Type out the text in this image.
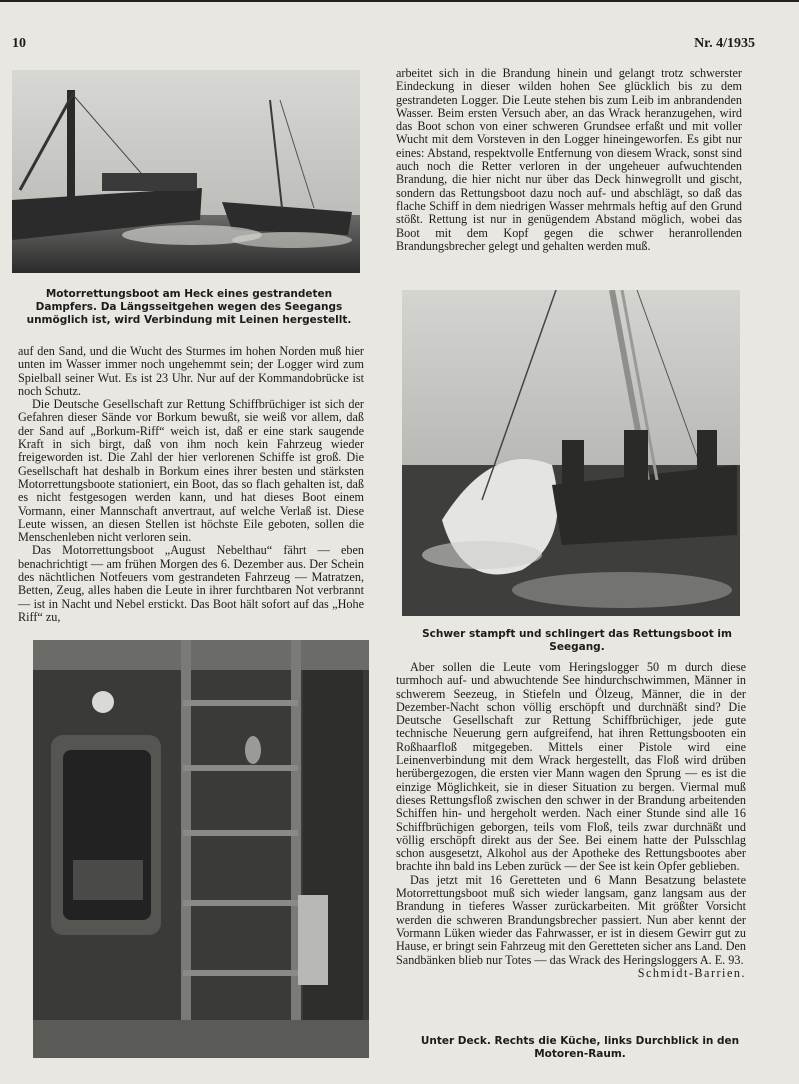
10	Nr. 4/1935
Motorrettungsboot am Heck eines gestrandeten Dampfers. Da Längsseitgehen wegen des Seegangs unmöglich ist, wird Verbindung mit Leinen hergestellt.

auf den Sand, und die Wucht des Sturmes im hohen Norden muß hier unten im Wasser immer noch ungehemmt sein; der Logger wird zum Spielball seiner Wut. Es ist 23 Uhr. Nur auf der Kommandobrücke ist noch Schutz.

Die Deutsche Gesellschaft zur Rettung Schiffbrüchiger ist sich der Gefahren dieser Sände vor Borkum bewußt, sie weiß vor allem, daß der Sand auf „Borkum-Riff“ weich ist, daß er eine stark saugende Kraft in sich birgt, daß von ihm noch kein Fahrzeug wieder freigeworden ist. Die Zahl der hier verlorenen Schiffe ist groß. Die Gesellschaft hat deshalb in Borkum eines ihrer besten und stärksten Motorrettungsboote stationiert, ein Boot, das so flach gehalten ist, daß es nicht festgesogen werden kann, und hat dieses Boot einem Vormann, einer Mannschaft anvertraut, auf welche Verlaß ist. Diese Leute wissen, an diesen Stellen ist höchste Eile geboten, sollen die Menschenleben nicht verloren sein.

Das Motorrettungsboot „August Nebelthau“ fährt — eben benachrichtigt — am frühen Morgen des 6. Dezember aus. Der Schein des nächtlichen Notfeuers vom gestrandeten Fahrzeug — Matratzen, Betten, Zeug, alles haben die Leute in ihrer furchtbaren Not verbrannt — ist in Nacht und Nebel erstickt. Das Boot hält sofort auf das „Hohe Riff“ zu,

arbeitet sich in die Brandung hinein und gelangt trotz schwerster Eindeckung in dieser wilden hohen See glücklich bis zu dem gestrandeten Logger. Die Leute stehen bis zum Leib im anbrandenden Wasser. Beim ersten Versuch aber, an das Wrack heranzugehen, wird das Boot schon von einer schweren Grundsee erfaßt und mit voller Wucht mit dem Vorsteven in den Logger hineingeworfen. Es gibt nur eines: Abstand, respektvolle Entfernung von diesem Wrack, sonst sind auch noch die Retter verloren in der ungeheuer aufwuchtenden Brandung, die hier nicht nur über das Deck hinwegrollt und gischt, sondern das Rettungsboot dazu noch auf- und abschlägt, so daß das flache Schiff in dem niedrigen Wasser mehrmals heftig auf den Grund stößt. Rettung ist nur in genügendem Abstand möglich, wobei das Boot mit dem Kopf gegen die schwer heranrollenden Brandungsbrecher gelegt und gehalten werden muß.

Schwer stampft und schlingert das Rettungsboot im Seegang.

Aber sollen die Leute vom Heringslogger 50 m durch diese turmhoch auf- und abwuchtende See hindurchschwimmen, Männer in schwerem Seezeug, in Stiefeln und Ölzeug, Männer, die in der Dezember-Nacht schon völlig erschöpft und durchnäßt sind? Die Deutsche Gesellschaft zur Rettung Schiffbrüchiger, jede gute technische Neuerung gern aufgreifend, hat ihren Rettungsbooten ein Roßhaarfloß mitgegeben. Mittels einer Pistole wird eine Leinenverbindung mit dem Wrack hergestellt, das Floß wird drüben herübergezogen, die ersten vier Mann wagen den Sprung — es ist die einzige Möglichkeit, sie in dieser Situation zu bergen. Viermal muß dieses Rettungsfloß zwischen den schwer in der Brandung arbeitenden Schiffen hin- und hergeholt werden. Nach einer Stunde sind alle 16 Schiffbrüchigen geborgen, teils vom Floß, teils zwar durchnäßt und völlig erschöpft direkt aus der See. Bei einem hatte der Pulsschlag schon ausgesetzt, Alkohol aus der Apotheke des Rettungsbootes aber brachte ihn bald ins Leben zurück — der See ist kein Opfer geblieben.

Das jetzt mit 16 Geretteten und 6 Mann Besatzung belastete Motorrettungsboot muß sich wieder langsam, ganz langsam aus der Brandung in tieferes Wasser zurückarbeiten. Mit größter Vorsicht werden die schweren Brandungsbrecher passiert. Nun aber kennt der Vormann Lüken wieder das Fahrwasser, er ist in diesem Gewirr gut zu Hause, er bringt sein Fahrzeug mit den Geretteten sicher ans Land. Den Sandbänken blieb nur Totes — das Wrack des Heringsloggers A. E. 93.

Schmidt-Barrien.

Unter Deck. Rechts die Küche, links Durchblick in den Motoren-Raum.
